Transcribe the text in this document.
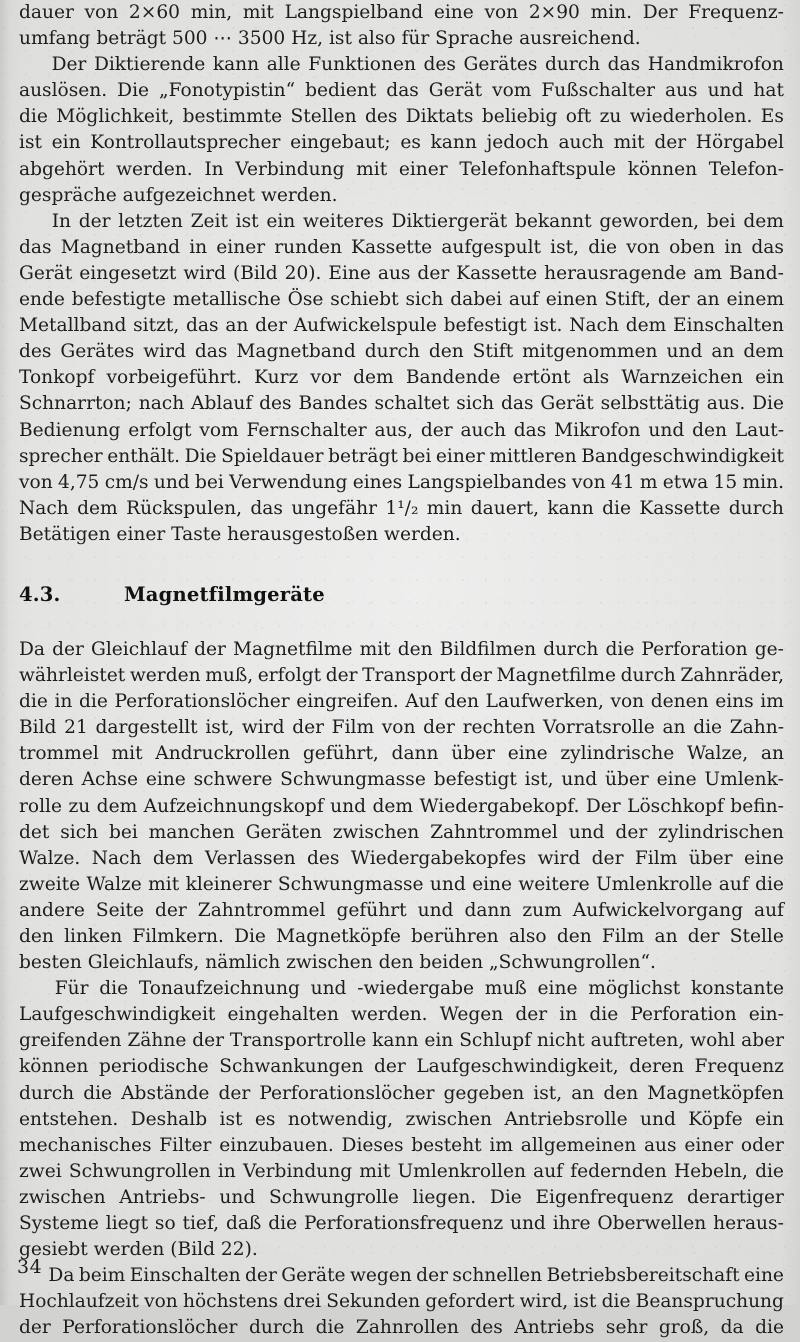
dauer von 2×60 min, mit Langspielband eine von 2×90 min. Der Frequenz-
umfang beträgt 500 ⋯ 3500 Hz, ist also für Sprache ausreichend.
Der Diktierende kann alle Funktionen des Gerätes durch das Handmikrofon
auslösen. Die „Fonotypistin“ bedient das Gerät vom Fußschalter aus und hat
die Möglichkeit, bestimmte Stellen des Diktats beliebig oft zu wiederholen. Es
ist ein Kontrollautsprecher eingebaut; es kann jedoch auch mit der Hörgabel
abgehört werden. In Verbindung mit einer Telefonhaftspule können Telefon-
gespräche aufgezeichnet werden.
In der letzten Zeit ist ein weiteres Diktiergerät bekannt geworden, bei dem
das Magnetband in einer runden Kassette aufgespult ist, die von oben in das
Gerät eingesetzt wird (Bild 20). Eine aus der Kassette herausragende am Band-
ende befestigte metallische Öse schiebt sich dabei auf einen Stift, der an einem
Metallband sitzt, das an der Aufwickelspule befestigt ist. Nach dem Einschalten
des Gerätes wird das Magnetband durch den Stift mitgenommen und an dem
Tonkopf vorbeigeführt. Kurz vor dem Bandende ertönt als Warnzeichen ein
Schnarrton; nach Ablauf des Bandes schaltet sich das Gerät selbsttätig aus. Die
Bedienung erfolgt vom Fernschalter aus, der auch das Mikrofon und den Laut-
sprecher enthält. Die Spieldauer beträgt bei einer mittleren Bandgeschwindigkeit
von 4,75 cm/s und bei Verwendung eines Langspielbandes von 41 m etwa 15 min.
Nach dem Rückspulen, das ungefähr 1¹/₂ min dauert, kann die Kassette durch
Betätigen einer Taste herausgestoßen werden.
4.3.	Magnetfilmgeräte
Da der Gleichlauf der Magnetfilme mit den Bildfilmen durch die Perforation ge-
währleistet werden muß, erfolgt der Transport der Magnetfilme durch Zahnräder,
die in die Perforationslöcher eingreifen. Auf den Laufwerken, von denen eins im
Bild 21 dargestellt ist, wird der Film von der rechten Vorratsrolle an die Zahn-
trommel mit Andruckrollen geführt, dann über eine zylindrische Walze, an
deren Achse eine schwere Schwungmasse befestigt ist, und über eine Umlenk-
rolle zu dem Aufzeichnungskopf und dem Wiedergabekopf. Der Löschkopf befin-
det sich bei manchen Geräten zwischen Zahntrommel und der zylindrischen
Walze. Nach dem Verlassen des Wiedergabekopfes wird der Film über eine
zweite Walze mit kleinerer Schwungmasse und eine weitere Umlenkrolle auf die
andere Seite der Zahntrommel geführt und dann zum Aufwickelvorgang auf
den linken Filmkern. Die Magnetköpfe berühren also den Film an der Stelle
besten Gleichlaufs, nämlich zwischen den beiden „Schwungrollen“.
Für die Tonaufzeichnung und -wiedergabe muß eine möglichst konstante
Laufgeschwindigkeit eingehalten werden. Wegen der in die Perforation ein-
greifenden Zähne der Transportrolle kann ein Schlupf nicht auftreten, wohl aber
können periodische Schwankungen der Laufgeschwindigkeit, deren Frequenz
durch die Abstände der Perforationslöcher gegeben ist, an den Magnetköpfen
entstehen. Deshalb ist es notwendig, zwischen Antriebsrolle und Köpfe ein
mechanisches Filter einzubauen. Dieses besteht im allgemeinen aus einer oder
zwei Schwungrollen in Verbindung mit Umlenkrollen auf federnden Hebeln, die
zwischen Antriebs- und Schwungrolle liegen. Die Eigenfrequenz derartiger
Systeme liegt so tief, daß die Perforationsfrequenz und ihre Oberwellen heraus-
gesiebt werden (Bild 22).
Da beim Einschalten der Geräte wegen der schnellen Betriebsbereitschaft eine
Hochlaufzeit von höchstens drei Sekunden gefordert wird, ist die Beanspruchung
der Perforationslöcher durch die Zahnrollen des Antriebs sehr groß, da die
34
